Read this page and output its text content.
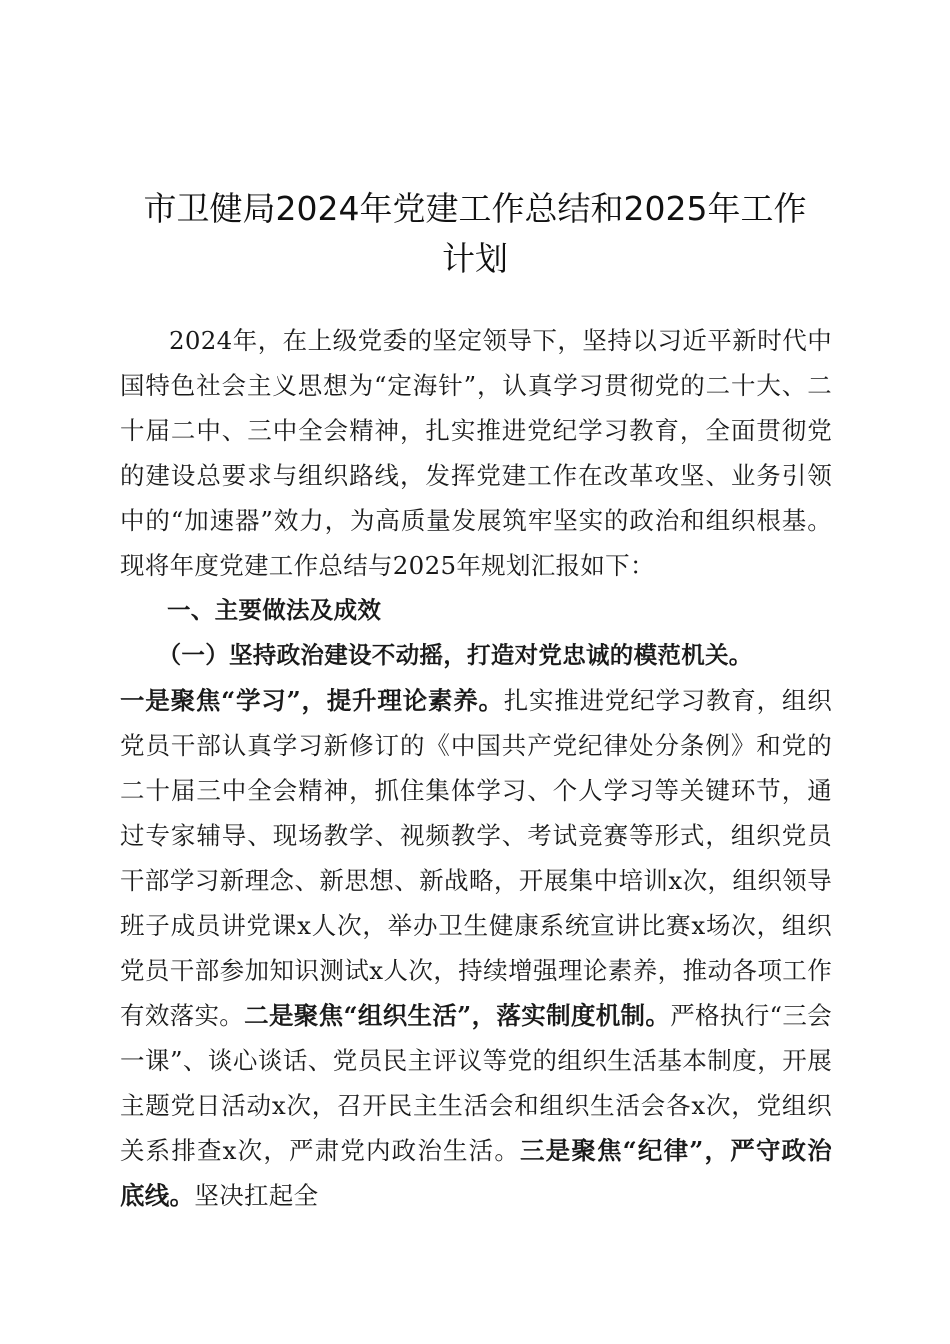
市卫健局2024年党建工作总结和2025年工作
计划

2024年，在上级党委的坚定领导下，坚持以习近平新时代中国特色社会主义思想为“定海针”，认真学习贯彻党的二十大、二十届二中、三中全会精神，扎实推进党纪学习教育，全面贯彻党的建设总要求与组织路线，发挥党建工作在改革攻坚、业务引领中的“加速器”效力，为高质量发展筑牢坚实的政治和组织根基。现将年度党建工作总结与2025年规划汇报如下：

一、主要做法及成效

（一）坚持政治建设不动摇，打造对党忠诚的模范机关。

一是聚焦“学习”，提升理论素养。扎实推进党纪学习教育，组织党员干部认真学习新修订的《中国共产党纪律处分条例》和党的二十届三中全会精神，抓住集体学习、个人学习等关键环节，通过专家辅导、现场教学、视频教学、考试竞赛等形式，组织党员干部学习新理念、新思想、新战略，开展集中培训x次，组织领导班子成员讲党课x人次，举办卫生健康系统宣讲比赛x场次，组织党员干部参加知识测试x人次，持续增强理论素养，推动各项工作有效落实。二是聚焦“组织生活”，落实制度机制。严格执行“三会一课”、谈心谈话、党员民主评议等党的组织生活基本制度，开展主题党日活动x次，召开民主生活会和组织生活会各x次，党组织关系排查x次，严肃党内政治生活。三是聚焦“纪律”，严守政治底线。坚决扛起全
